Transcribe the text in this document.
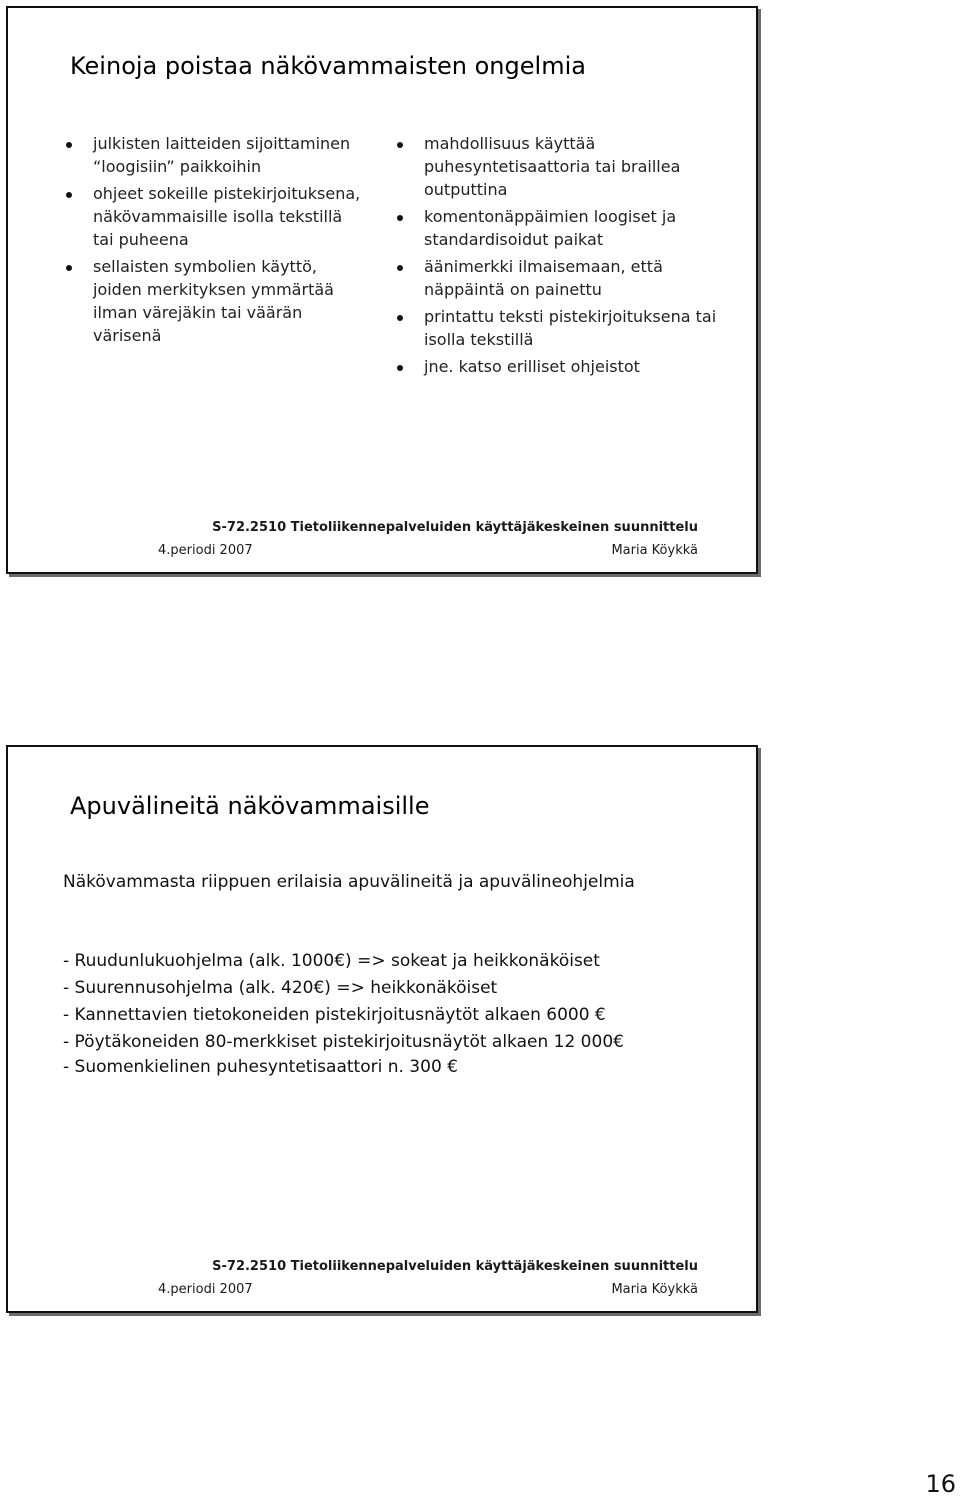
Keinoja poistaa näkövammaisten ongelmia
julkisten laitteiden sijoittaminen “loogisiin” paikkoihin
ohjeet sokeille pistekirjoituksena, näkövammaisille isolla tekstillä tai puheena
sellaisten symbolien käyttö, joiden merkityksen ymmärtää ilman värejäkin tai väärän värisenä
mahdollisuus käyttää puhesyntetisaattoria tai braillea outputtina
komentonäppäimien loogiset ja standardisoidut paikat
äänimerkki ilmaisemaan, että näppäintä on painettu
printattu teksti pistekirjoituksena tai isolla tekstillä
jne. katso erilliset ohjeistot
S-72.2510 Tietoliikennepalveluiden käyttäjäkeskeinen suunnittelu
4.periodi 2007	Maria Köykkä
Apuvälineitä näkövammaisille

Näkövammasta riippuen erilaisia apuvälineitä ja apuvälineohjelmia

- Ruudunlukuohjelma (alk. 1000€) => sokeat ja heikkonäköiset
- Suurennusohjelma (alk. 420€) => heikkonäköiset
- Kannettavien tietokoneiden pistekirjoitusnäytöt alkaen 6000 €
- Pöytäkoneiden 80-merkkiset pistekirjoitusnäytöt alkaen 12 000€
- Suomenkielinen puhesyntetisaattori n. 300 €
S-72.2510 Tietoliikennepalveluiden käyttäjäkeskeinen suunnittelu
4.periodi 2007	Maria Köykkä
16
